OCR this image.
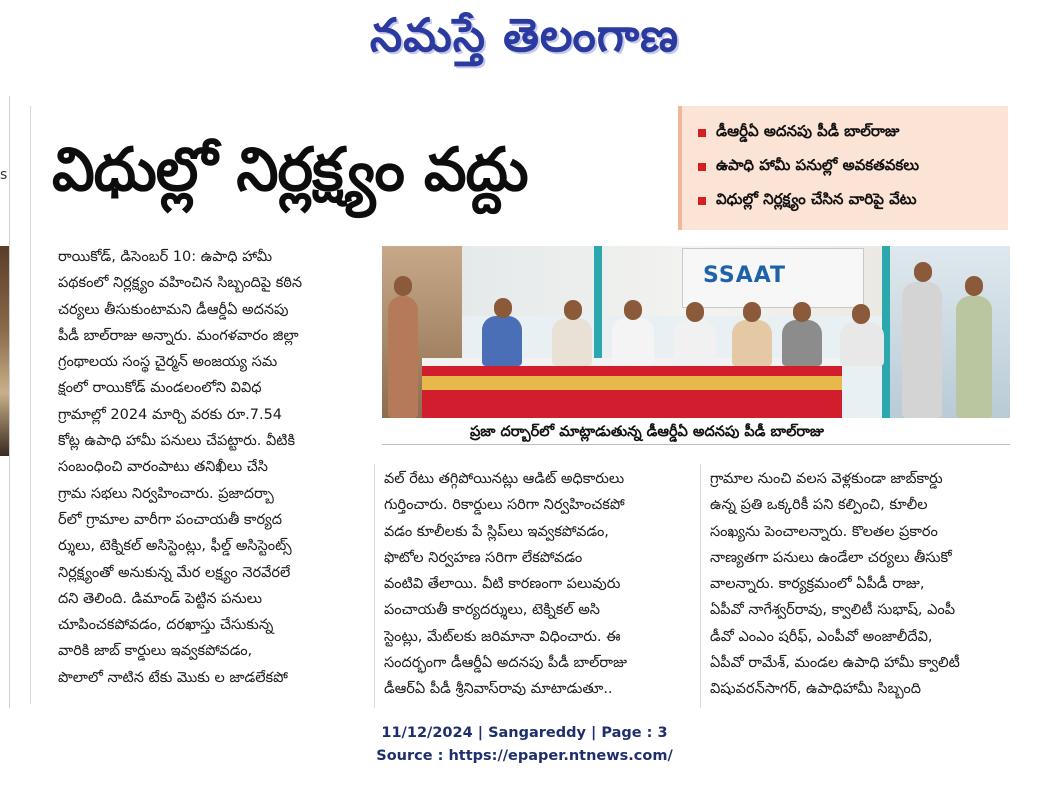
నమస్తే తెలంగాణ
s విధుల్లో నిర్లక్ష్యం వద్దు
డీఆర్డీఏ అదనపు పీడీ బాల్‌రాజు
ఉపాధి హామీ పనుల్లో అవకతవకలు
విధుల్లో నిర్లక్ష్యం చేసిన వారిపై వేటు
SSAAT
ప్రజా దర్బార్‌లో మాట్లాడుతున్న డీఆర్డీఏ అదనపు పీడీ బాల్‌రాజు
రాయికోడ్, డిసెంబర్ 10: ఉపాధి హామీ
పథకంలో నిర్లక్ష్యం వహించిన సిబ్బందిపై కఠిన
చర్యలు తీసుకుంటామని డీఆర్డీఏ అదనపు
పీడీ బాల్‌రాజు అన్నారు. మంగళవారం జిల్లా
గ్రంథాలయ సంస్థ చైర్మన్ అంజయ్య సమ
క్షంలో రాయికోడ్ మండలంలోని వివిధ
గ్రామాల్లో 2024 మార్చి వరకు రూ.7.54
కోట్ల ఉపాధి హామీ పనులు చేపట్టారు. వీటికి
సంబంధించి వారంపాటు తనిఖీలు చేసి
గ్రామ సభలు నిర్వహించారు. ప్రజాదర్బా
ర్‌లో గ్రామాల వారీగా పంచాయతీ కార్యద
ర్శులు, టెక్నికల్ అసిస్టెంట్లు, ఫీల్డ్ అసిస్టెంట్స్
నిర్లక్ష్యంతో అనుకున్న మేర లక్ష్యం నెరవేరలే
దని తెలింది. డిమాండ్ పెట్టిన పనులు
చూపించకపోవడం, దరఖాస్తు చేసుకున్న
వారికి జాబ్ కార్డులు ఇవ్వకపోవడం,
పొలాలో నాటిన టేకు మొకు ల జాడలేకపో
వల్ రేటు తగ్గిపోయినట్లు ఆడిట్ అధికారులు
గుర్తించారు. రికార్డులు సరిగా నిర్వహించకపో
వడం కూలీలకు పే స్లిప్‌లు ఇవ్వకపోవడం,
ఫొటోల నిర్వహణ సరిగా లేకపోవడం
వంటివి తేలాయి. వీటి కారణంగా పలువురు
పంచాయతీ కార్యదర్శులు, టెక్నికల్ అసి
స్టెంట్లు, మేట్‌లకు జరిమానా విధించారు. ఈ
సందర్భంగా డీఆర్డీఏ అదనపు పీడీ బాల్‌రాజు
డీఆర్‌ఏ పీడీ శ్రీనివాస్‌రావు మాటాడుతూ..
గ్రామాల నుంచి వలస వెళ్లకుండా జాబ్‌కార్డు
ఉన్న ప్రతి ఒక్కరికీ పని కల్పించి, కూలీల
సంఖ్యను పెంచాలన్నారు. కొలతల ప్రకారం
నాణ్యతగా పనులు ఉండేలా చర్యలు తీసుకో
వాలన్నారు. కార్యక్రమంలో ఏపీడీ రాజు,
ఏపీవో నాగేశ్వర్‌రావు, క్వాలిటీ సుభాష్, ఎంపీ
డీవో ఎంఎం షరీఫ్, ఎంపీవో అంజాలీదేవి,
ఏపీవో రామేశ్, మండల ఉపాధి హామీ క్వాలిటీ
విషువరన్‌సాగర్, ఉపాధిహామీ సిబ్బంది
11/12/2024 | Sangareddy | Page : 3
Source : https://epaper.ntnews.com/
